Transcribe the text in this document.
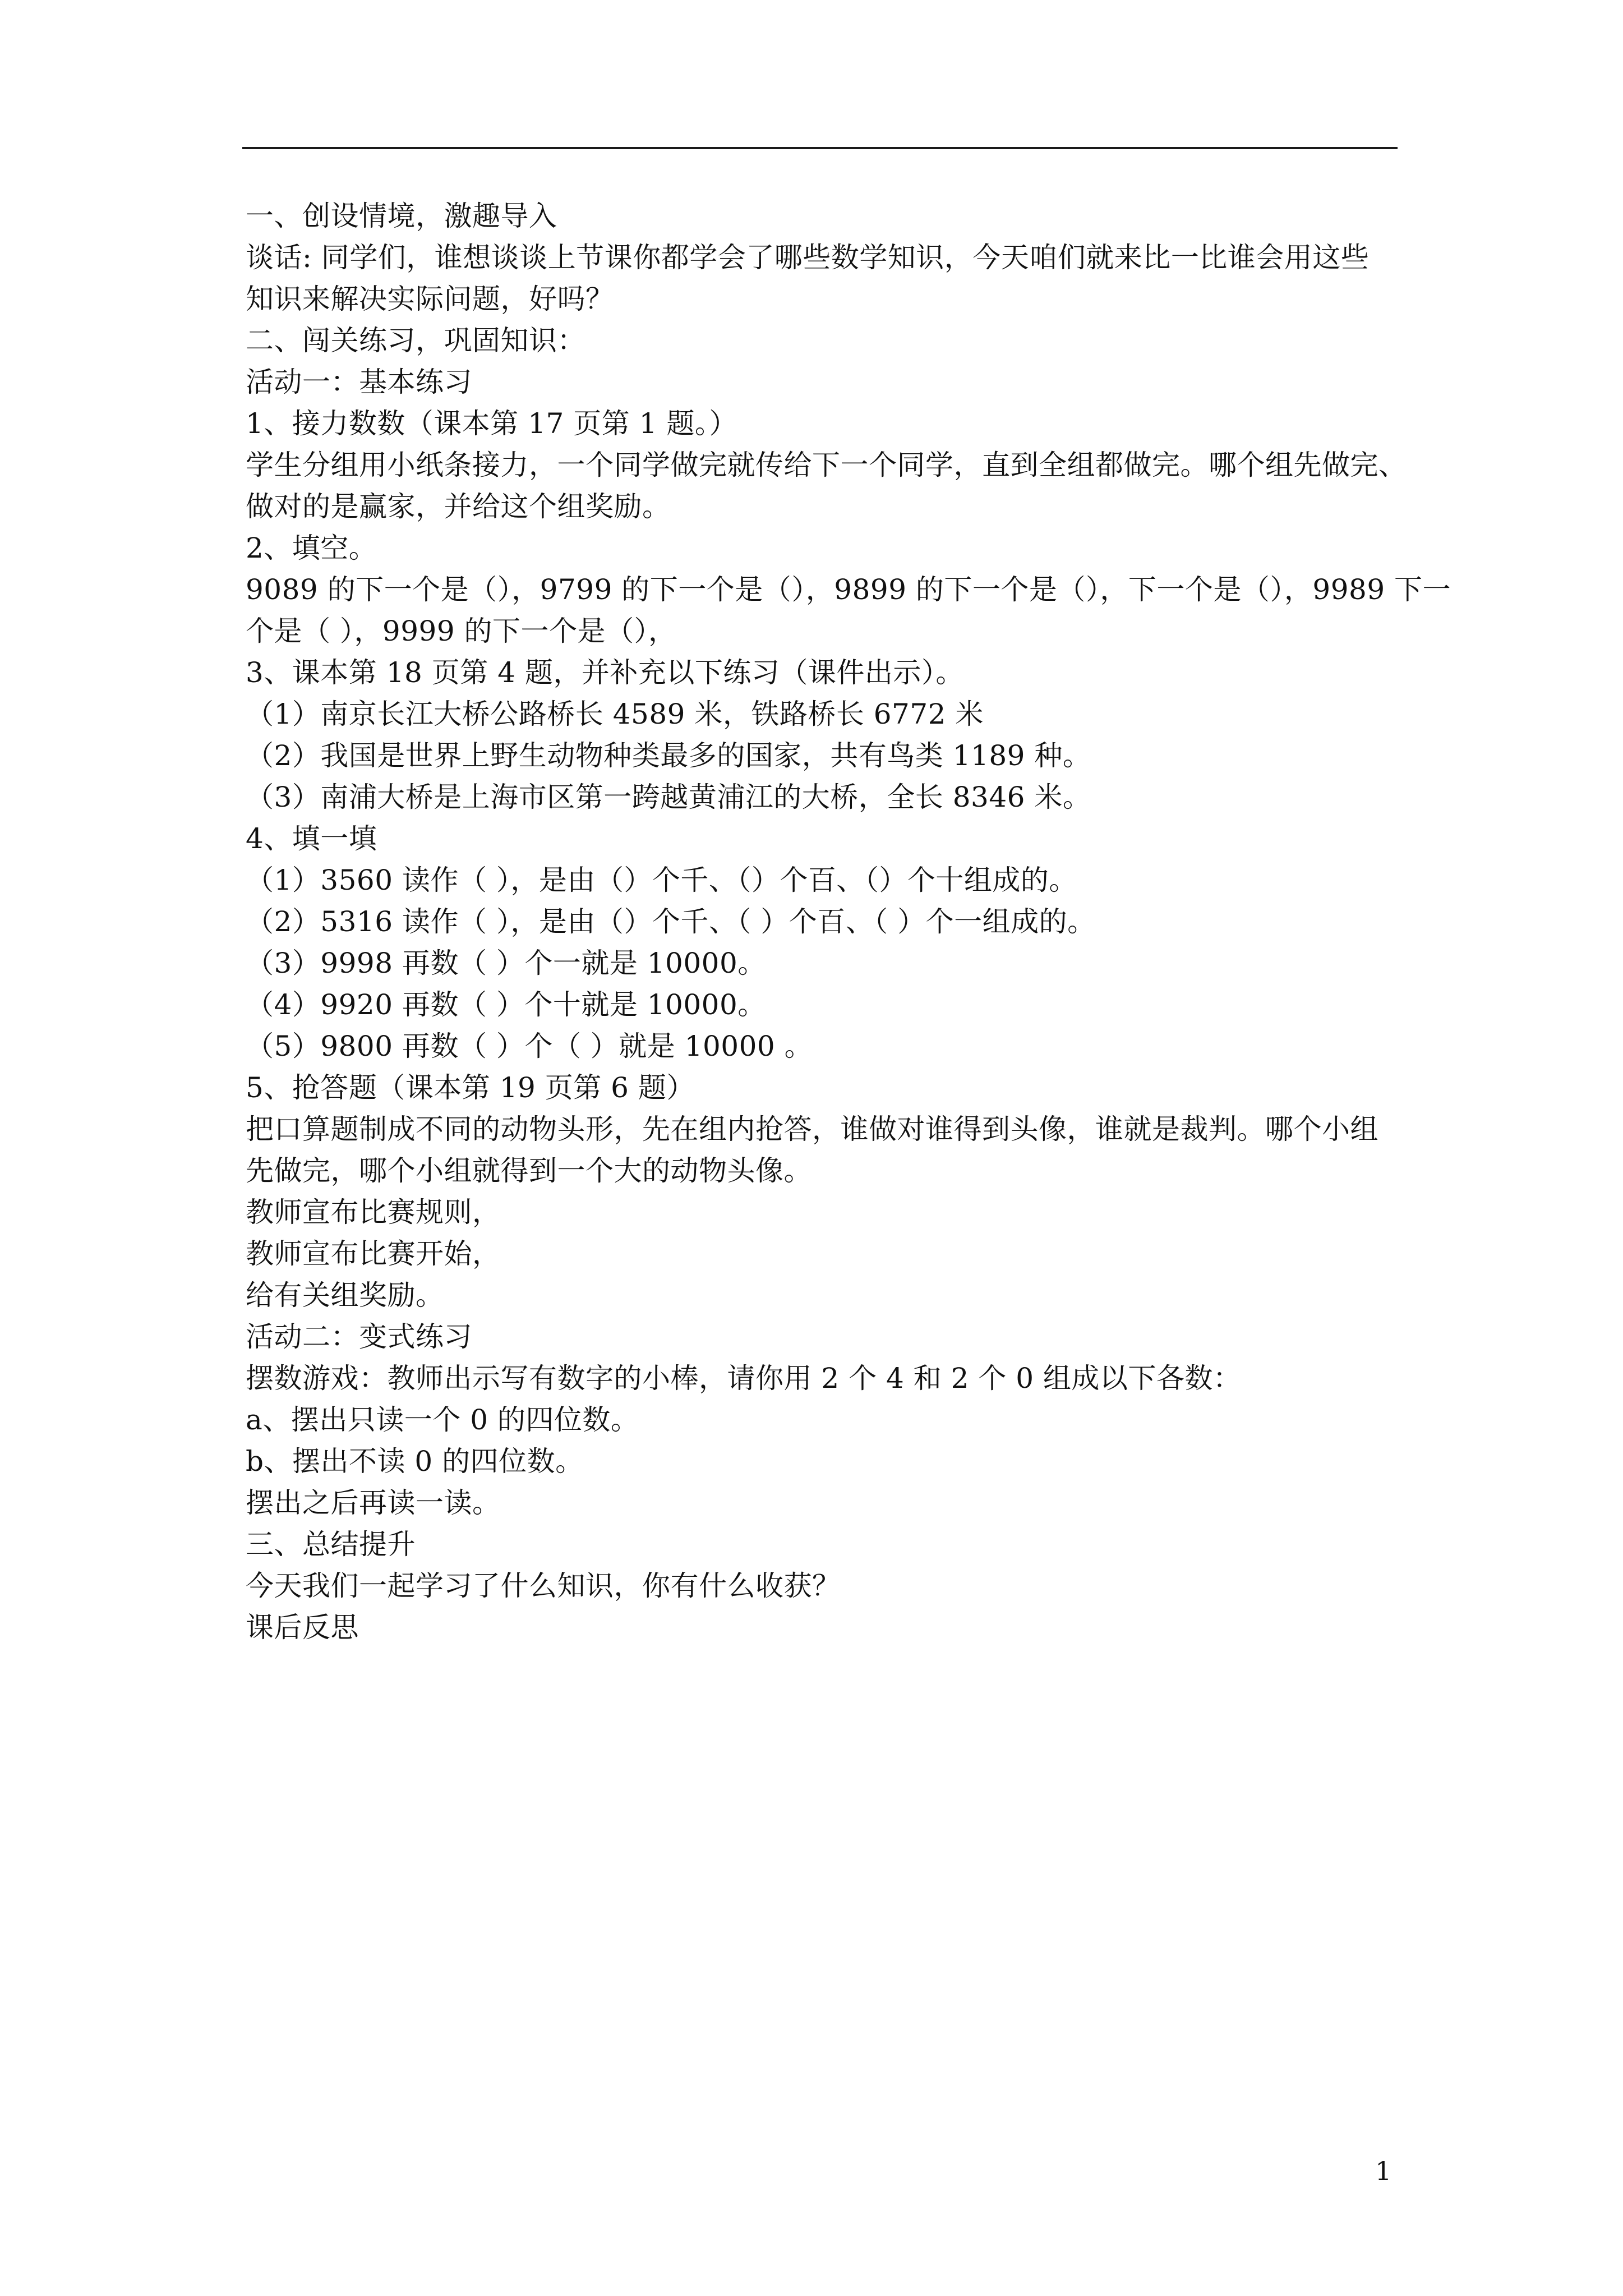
一、创设情境，激趣导入

谈话: 同学们，谁想谈谈上节课你都学会了哪些数学知识，今天咱们就来比一比谁会用这些

知识来解决实际问题，好吗？

二、闯关练习，巩固知识：

活动一：基本练习

1、接力数数（课本第 17 页第 1 题。）

学生分组用小纸条接力，一个同学做完就传给下一个同学，直到全组都做完。哪个组先做完、

做对的是赢家，并给这个组奖励。

2、填空。

9089 的下一个是（），9799 的下一个是（），9899 的下一个是（），下一个是（），9989 下一

个是（ ），9999 的下一个是（），

3、课本第 18 页第 4 题，并补充以下练习（课件出示）。

（1）南京长江大桥公路桥长 4589 米，铁路桥长 6772 米

（2）我国是世界上野生动物种类最多的国家，共有鸟类 1189 种。

（3）南浦大桥是上海市区第一跨越黄浦江的大桥，全长 8346 米。

4、填一填

（1）3560 读作（ ），是由（）个千、（）个百、（）个十组成的。

（2）5316 读作（ ），是由（）个千、（ ）个百、（ ）个一组成的。

（3）9998 再数（ ）个一就是 10000。

（4）9920 再数（ ）个十就是 10000。

（5）9800 再数（ ）个（ ）就是 10000 。

5、抢答题（课本第 19 页第 6 题）

把口算题制成不同的动物头形，先在组内抢答，谁做对谁得到头像，谁就是裁判。哪个小组

先做完，哪个小组就得到一个大的动物头像。

教师宣布比赛规则，

教师宣布比赛开始，

给有关组奖励。

活动二：变式练习

摆数游戏：教师出示写有数字的小棒，请你用 2 个 4 和 2 个 0 组成以下各数：

a、摆出只读一个 0 的四位数。

b、摆出不读 0 的四位数。

摆出之后再读一读。

三、总结提升

今天我们一起学习了什么知识，你有什么收获？

课后反思

1
